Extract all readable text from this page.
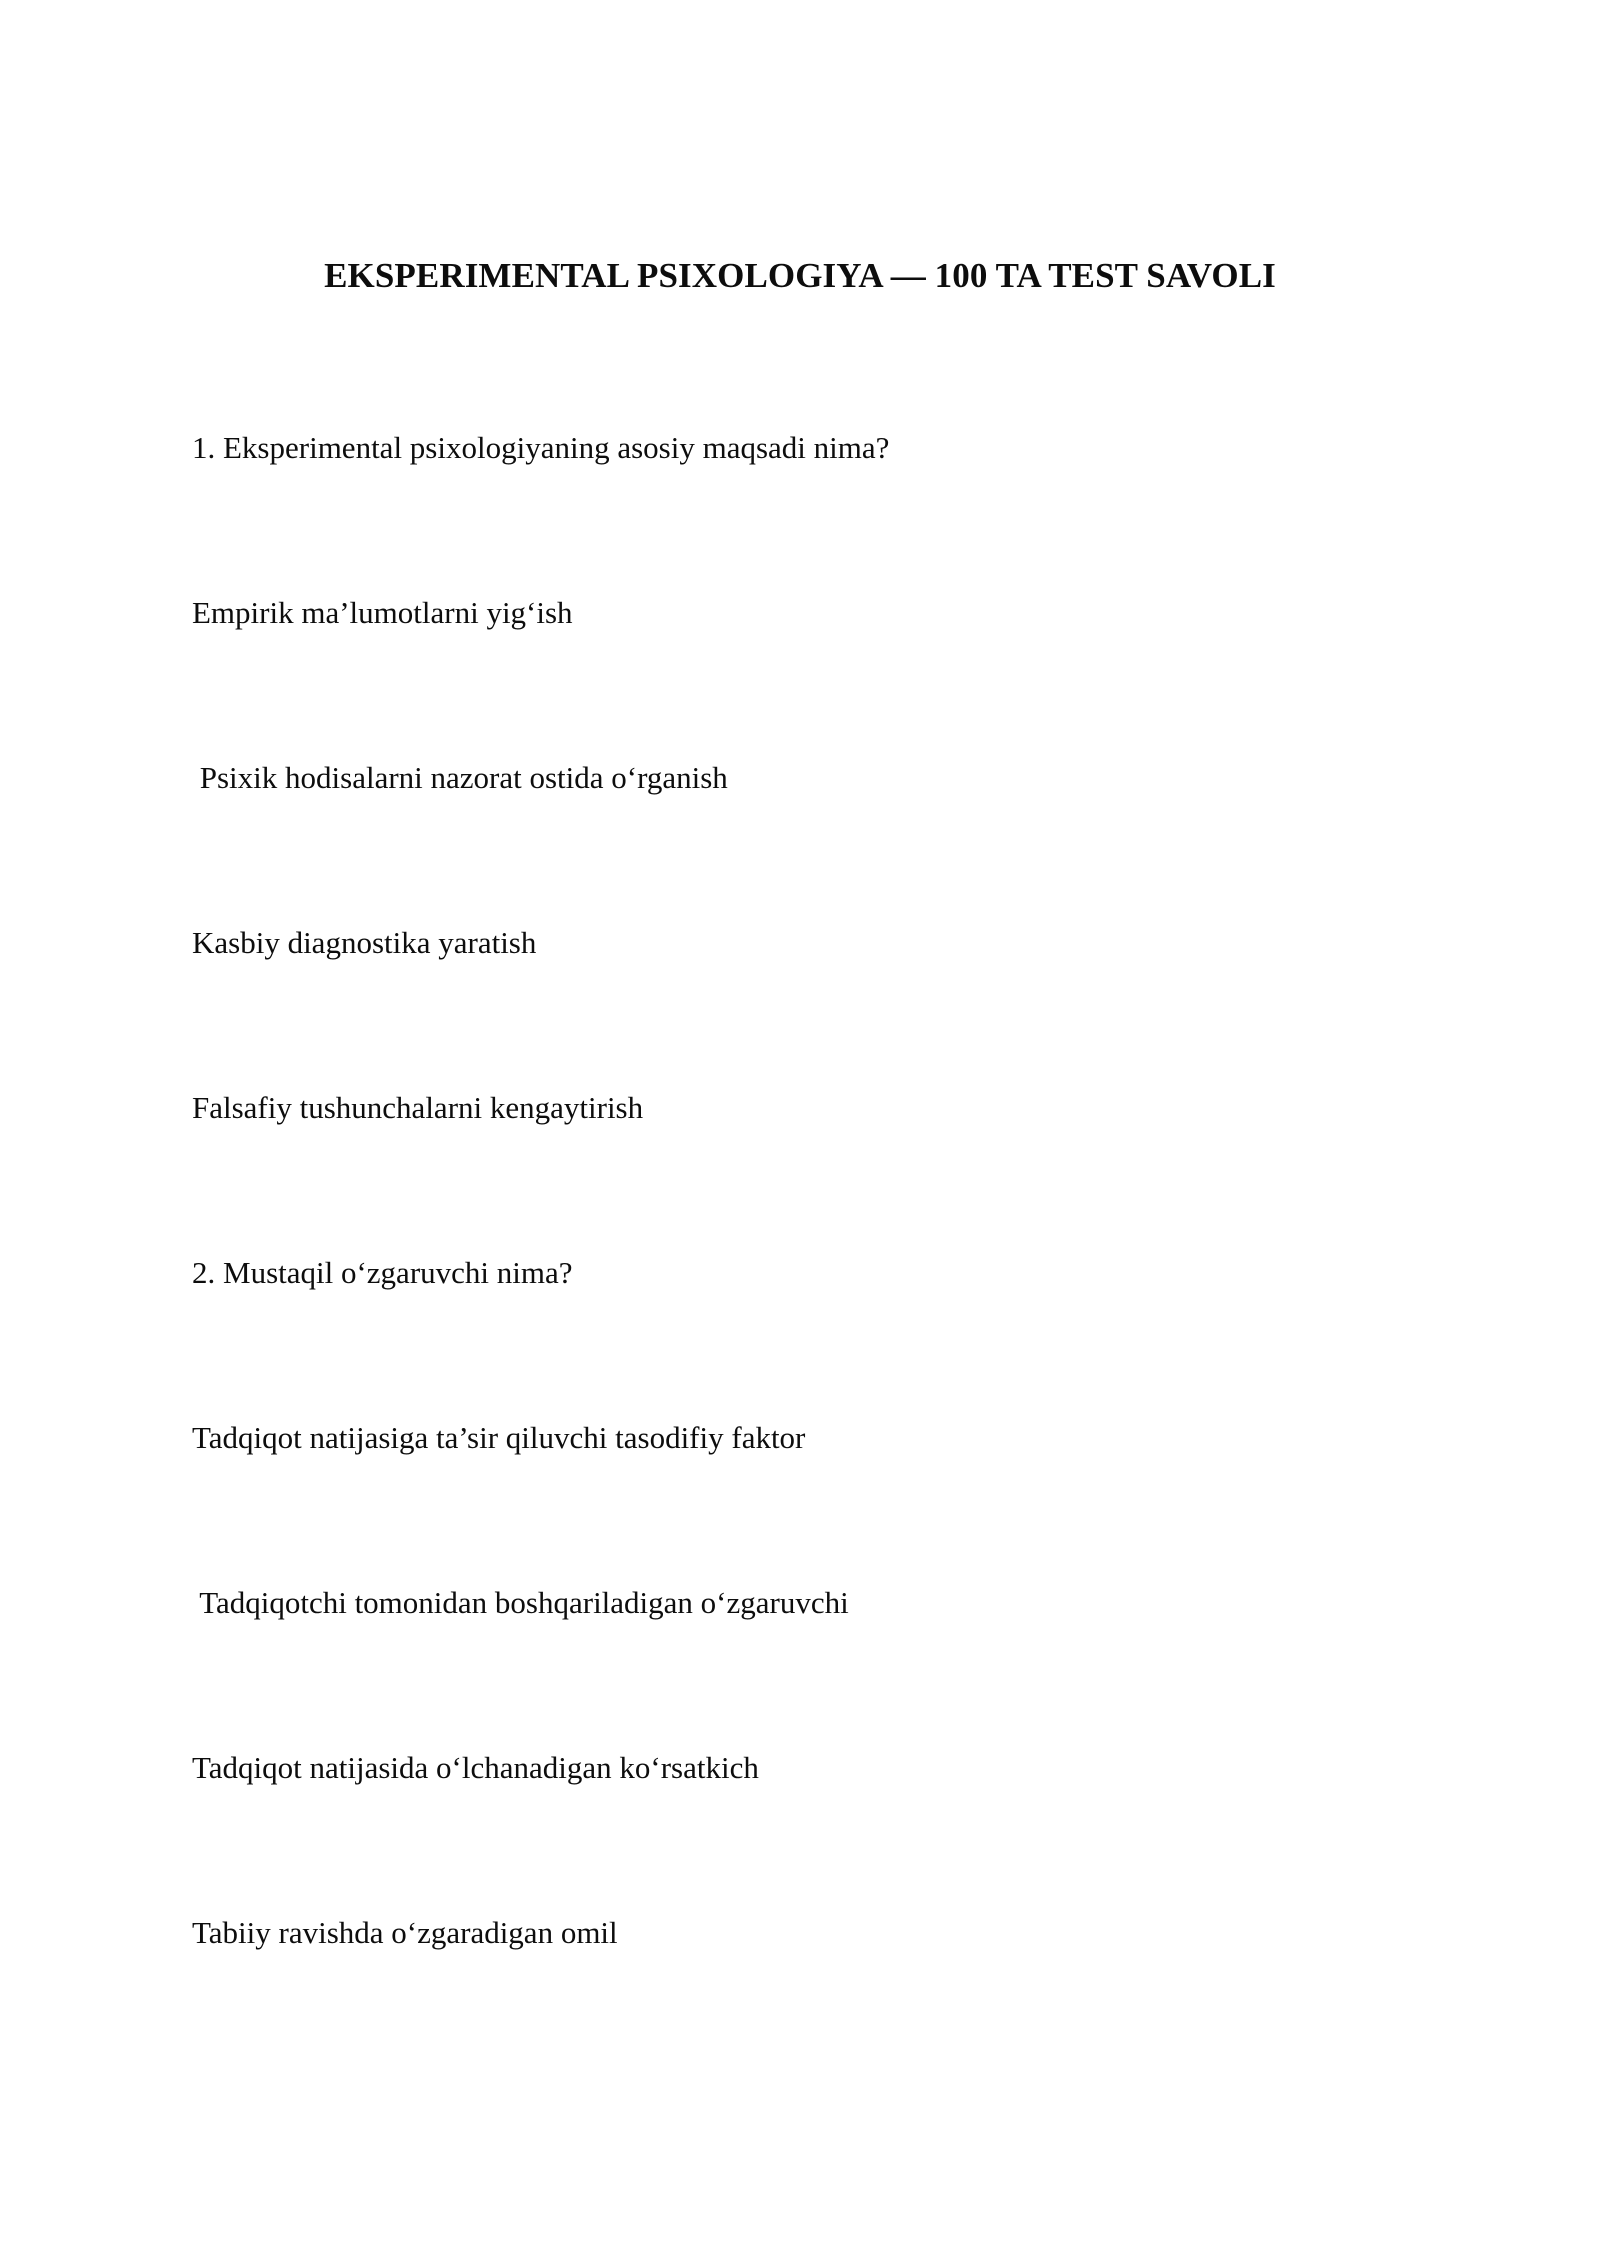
EKSPERIMENTAL PSIXOLOGIYA — 100 TA TEST SAVOLI

1. Eksperimental psixologiyaning asosiy maqsadi nima?

Empirik ma’lumotlarni yigʻish

Psixik hodisalarni nazorat ostida oʻrganish

Kasbiy diagnostika yaratish

Falsafiy tushunchalarni kengaytirish

2. Mustaqil oʻzgaruvchi nima?

Tadqiqot natijasiga ta’sir qiluvchi tasodifiy faktor

Tadqiqotchi tomonidan boshqariladigan oʻzgaruvchi

Tadqiqot natijasida oʻlchanadigan koʻrsatkich

Tabiiy ravishda oʻzgaradigan omil
